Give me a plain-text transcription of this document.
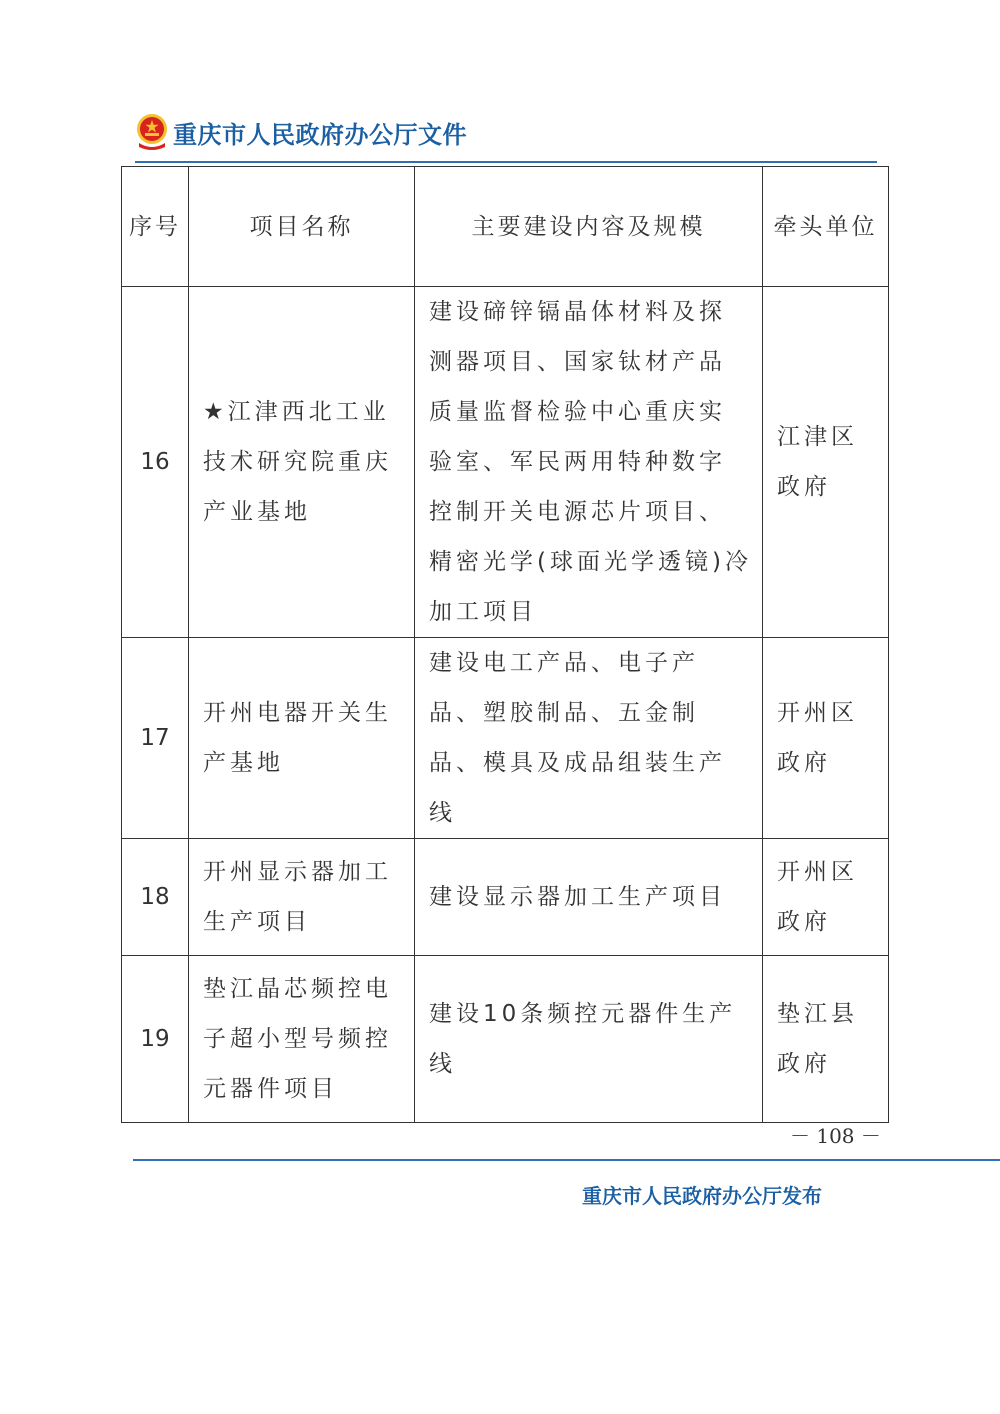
重庆市人民政府办公厅文件
序号	项目名称	主要建设内容及规模	牵头单位
16	★江津西北工业技术研究院重庆产业基地	建设碲锌镉晶体材料及探测器项目、国家钛材产品质量监督检验中心重庆实验室、军民两用特种数字控制开关电源芯片项目、精密光学(球面光学透镜)冷加工项目	江津区政府
17	开州电器开关生产基地	建设电工产品、电子产品、塑胶制品、五金制品、模具及成品组装生产线	开州区政府
18	开州显示器加工生产项目	建设显示器加工生产项目	开州区政府
19	垫江晶芯频控电子超小型号频控元器件项目	建设10条频控元器件生产线	垫江县政府
－ 108 －
重庆市人民政府办公厅发布
